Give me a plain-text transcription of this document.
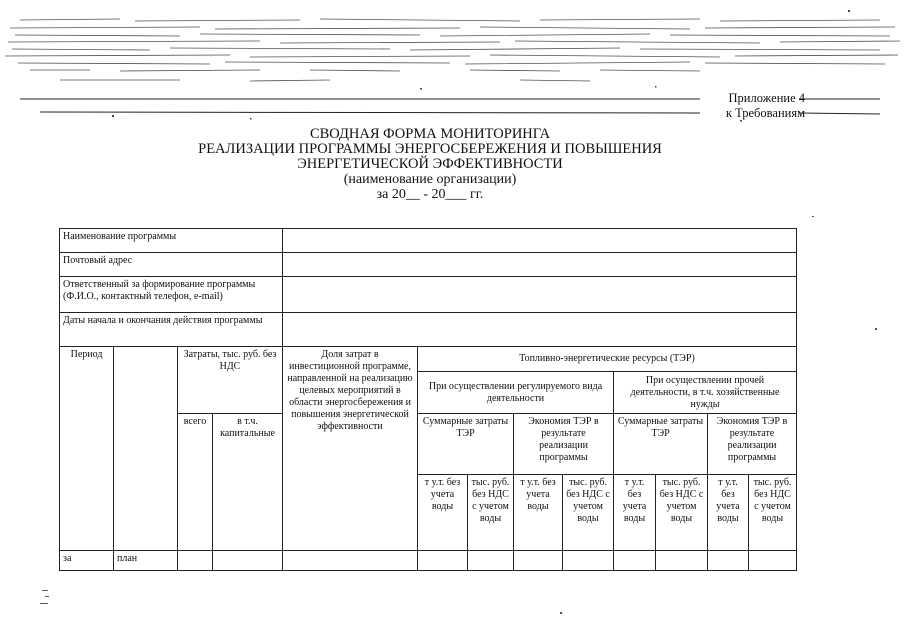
Приложение 4
к Требованиям
СВОДНАЯ ФОРМА МОНИТОРИНГА
РЕАЛИЗАЦИИ ПРОГРАММЫ ЭНЕРГОСБЕРЕЖЕНИЯ И ПОВЫШЕНИЯ
ЭНЕРГЕТИЧЕСКОЙ ЭФФЕКТИВНОСТИ
(наименование организации)
за 20__ - 20___ гг.
Наименование программы												
Почтовый адрес												
Ответственный за формирование программы (Ф.И.О., контактный телефон, e-mail)												
Даты начала и окончания действия программы												
Период		Затраты, тыс. руб. без НДС		Доля затрат в инвестиционной программе, направленной на реализацию целевых мероприятий в области энергосбережения и повышения энергетической эффективности	Топливно-энергетические ресурсы (ТЭР)							
					При осуществлении регулируемого вида деятельности				При осуществлении прочей деятельности, в т.ч. хозяйственные нужды			
		всего	в т.ч. капитальные		Суммарные затраты ТЭР		Экономия ТЭР в результате реализации программы		Суммарные затраты ТЭР		Экономия ТЭР в результате реализации программы	
					т у.т. без учета воды	тыс. руб. без НДС с учетом воды	т у.т. без учета воды	тыс. руб. без НДС с учетом воды	т у.т. без учета воды	тыс. руб. без НДС с учетом воды	т у.т. без учета воды	тыс. руб. без НДС с учетом воды
за	план											
